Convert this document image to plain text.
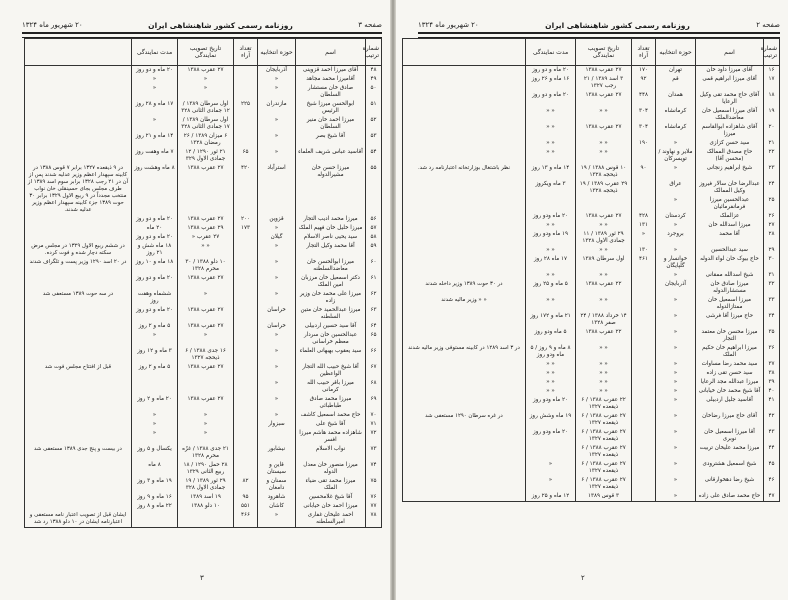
صفحه ۳
روزنامه رسمی کشور شاهنشاهی ایران
۲۰ شهریور ماه ۱۳۲۴
شماره ترتیب	اسم	حوزه انتخابیه	تعداد آراء	تاریخ تصویب نمایندگی	مدت نمایندگی	
۴۸	آقای میرزا احمد قزوینی	آذربایجان		۲۷ عقرب ۱۳۸۸	۲۰ ماه و دو روز	
۴۹	آقامیرزا محمد مجاهد	«		«	«	
۵۰	صادق خان مستشار السلطان	«		«	«	
۵۱	ابوالحسن میرزا شیخ الرئیس	مازندران	۲۲۵	اول سرطان ۱۳۸۹ / ۱۲ جمادی الثانی ۳۲۸	۱۷ ماه و ۲۸ روز	
۵۲	میرزا احمد خان منیر السلطان	«		اول سرطان ۱۳۸۹ / ۱۷ جمادی الثانی ۳۲۸	«	
۵۳	آقا شیخ بصر	«		۶ میزان ۱۳۸۹ / ۲۶ رمضان ۱۳۲۸	۱۴ ماه و ۲۱ روز	
۵۴	آقاسید عباس شریف العلماء	«	۶۵	۲۱ ثور ۱۲۹۰ / ۱۲ جمادی الاول ۳۲۹	۷ ماه وهفت روز	
۵۵	میرزا حسن خان مشیرالدوله	استرآباد	۴۲۰	۲۷ عقرب ۱۳۸۸	۸ ماه وهشت روز	در ۹ ذیقعده ۱۳۲۷ برابر ۷ قوس ۱۳۸۸ در کابینه سپهدار اعظم وزیر عدلیه شدند پس از آن در ۲۱ رجب ۱۳۲۸ برابر سوم اسد ۱۳۸۹ از طرف مجلس بجای حسینقلی خان نواب منتخب مجدداً در ۹ ربیع الاول ۱۳۲۹ برابر ۳۰ حوت ۱۳۸۹ جزء کابینه سپهدار اعظم وزیر عدلیه شدند.
۵۶	میرزا محمد ادیب التجار	قزوین	۲۰۰	۲۷ عقرب ۱۳۸۸	۲۰ ماه و دو روز	
۵۷	میرزا خلیل خان فهیم الملک	«	۱۷۳	۲۹ عقرب ۱۳۸۸	۲۰ ماه	
۵۸	سید یحیی ناصر الاسلام	گیلان		۲۷ عقرب «	۲۰ ماه و دو روز	
۵۹	آقا محمد وکیل التجار	«		« «	۱۸ ماه شش و ۲۱ روز	در ششم ربیع الاول ۱۳۲۹ در مجلس مرض سکته دچار شده و فوت کرده.
۶۰	میرزا ابوالحسن خان معاضدالسلطنه	«		۱۰ دلو ۱۳۸۸ / ۳۰ محرم ۱۳۲۸	۱۸ ماه و ۱۰ روز	در ۲۰ اسد ۱۲۹۰ وزیر پست و تلگراف شدند
۶۱	دکتر اسمعیل خان مرزبان امین الملک	«		۲۷ عقرب ۱۳۸۸	۲۰ ماه و دو روز	
۶۲	میرزا علی محمد خان وزیر زاده	«		«	ششماه وهفت روز	در سه حوت ۱۳۸۹ مستعفی شد
۶۳	میرزا عبدالحمید خان متین السلطنه	خراسان		۲۷ عقرب ۱۳۸۸	۲۰ ماه و دو روز	
۶۴	آقا سید حسین اردبیلی	خراسان		۲۷ عقرب ۱۳۸۸	۵ ماه و ۲ روز	
۶۵	عبدالحسین خان سردار معظم خراسانی	«		«	«	
۶۶	سید یعقوب بهبهانی العلماء	«		۱۶ جدی ۱۳۸۸ / ۶ ذیحجه ۱۳۲۷	۳ ماه و ۱۲ روز	
۶۷	آقا شیخ حبیب الله التجار الواعظین	«		۲۷ عقرب ۱۳۸۸	۵ ماه و ۲ روز	قبل از افتتاح مجلس فوت شد
۶۸	میرزا باقر حبیب الله کرمانی	«				
۶۹	میرزا محمد صادق طباطبائی	«		۲۷ عقرب ۱۳۸۸	۲۰ ماه و ۲ روز	
۷۰	حاج محمد اسمعیل کاشف	«		«	«	
۷۱	آقا شیخ علی	سبزوار		«	«	
۷۲	شاهزاده محمد هاشم میرزا افسر			«	«	
۷۳	نواب الاسلام	نیشابور		۲۱ جدی ۱۳۸۸ / غرّه محرم ۱۳۲۸	یکسال و ۵ روز	در بیست و پنج جدی ۱۳۸۹ مستعفی شد
۷۴	میرزا منصور خان معدل الدوله	قاین و سیستان		۲۸ حمل ۱۲۹۰ / ۱۸ ربیع الثانی ۱۳۲۹	۸ ماه	
۷۵	میرزا محمد تقی ضیاء الملک	سمنان و دامغان	۸۲	۲۹ ثور ۱۳۸۹ / ۱۹ جمادی الاول ۳۲۸	۱۹ ماه و ۳ روز	
۷۶	آقا شیخ غلامحسین	شاهرود	۹۵	۱۹ اسد ۱۳۸۹	۱۶ ماه و ۹ روز	
۷۷	میرزا احمد خان خیابانی	کاشان	۵۵۱	۱۰ دلو ۱۳۸۸	۲۲ ماه و ۸ روز	
۷۸	احمد علیخان غفاری امیرالسلطنه	«	۴۶۶			ایشان قبل از تصویب اعتبار نامه مستعفی و اعتبارنامه ایشان در ۱۰ دلو ۱۳۸۸ رد شد
۳
صفحه ۲
روزنامه رسمی کشور شاهنشاهی ایران
۲۰ شهریور ماه ۱۳۲۴
شماره ترتیب	اسم	حوزه انتخابیه	تعداد آراء	تاریخ تصویب نمایندگی	مدت نمایندگی	
۱۶	آقای میرزا داود خان	تهران	۱۷۰	۲۷ عقرب ۱۳۸۸	۲۰ ماه و دو روز	
۱۷	آقای میرزا ابراهیم قمی	قم	۹۲	۳ اسد ۱۳۸۹ / ۲۱ رجب ۱۳۲۷	۱۶ ماه و ۲۶ روز	
۱۸	آقای حاج محمد تقی وکیل الرعایا	همدان	۴۴۸	۲۷ عقرب ۱۳۸۸	۲۰ ماه و دو روز	
۱۹	آقای میرزا اسمعیل خان معاضدالملک	کرمانشاه	۳۰۴	« «	« «	
۲۰	آقای شاهزاده ابوالقاسم میرزا	کرمانشاه	۳۰۴	۲۷ عقرب ۱۳۸۸	« «	
۲۱	سید حسن کزازی	«	۱۹۰	« «	« «	
۲۲	حاج مصدق الممالک (محسن آقا)	ملایر و نهاوند / تویسرکان		« «	« «	
۲۳	شیخ ابراهیم زنجانی	«	۹۰	۱۰ قوس ۱۳۸۸ / ۱۹ ذیحجه ۱۳۲۸	۱۴ ماه و ۱۳ روز	نظر باشتغال بوزارتخانه اعتبارنامه رد شد.
۲۴	عبدالرضا خان سالار فیروز وکیل الممالک	عراق		۲۹ عقرب ۱۳۸۹ / ۱۹ ذیحجه ۱۳۲۸	۳ ماه ویکروز	
۲۵	عبدالحسین میرزا فرمانفرمائیان	«				
۲۶	عزالملک	کردستان	۴۲۸	۲۷ عقرب ۱۳۸۸	۲۰ ماه ودو روز	
۲۷	میرزا اسدالله خان	«	۱۳۱	« «	« «	
۲۸	آقا محمد	بروجرد	«	۲۹ ثور ۱۳۸۹ / ۱۱ جمادی الاول ۱۳۲۸	۱۹ ماه ودو روز	
۲۹	سید عبدالحسین	«	۱۳۰	« «	« «	
۳۰	حاج بیوک خان لواء الدوله	خوانسار و گلپایگان	۴۶۱	اول سرطان ۱۳۸۹	۱۷ ماه ۲۸ روز	
۳۱	شیخ اسدالله ممقانی	«		« «	« «	
۳۲	میرزا صادق خان مستشارالدوله	آذربایجان		۲۲ عقرب ۱۳۸۸	۵ ماه و ۲۵ روز	در ۳۰ حوت ۱۳۸۹ وزیر داخله شدند
۳۳	میرزا اسمعیل خان ممتازالدوله	«		« «	« «	« « وزیر مالیه شدند
۳۴	حاج میرزا آقا فرشی	«		۱۴ خرداد ۱۳۸۸ / ۲۴ صفر ۱۳۲۸	۲۱ ماه و ۱۷۲ روز	
۳۵	میرزا محسن خان معتمد التجار	«		۲۲ عقرب ۱۳۸۸	۵ ماه ودو روز	
۳۶	میرزا ابراهیم خان حکیم الملک	«		« «	۸ ماه و ۹ روز / ۵ ماه ودو روز	در ۳ اسد ۱۲۸۹ در کابینه مستوفی وزیر مالیه شدند
۳۷	سید محمد رضا مساوات	«		« «	« «	
۳۸	سید حسن تقی زاده	«		« «	« «	
۳۹	میرزا عبدالله مجد الرعایا	«		« «	« «	
۴۰	آقا شیخ محمد خان خیابانی	«		« «	« «	
۴۱	آقاسید جلیل اردبیلی	«		۲۲ عقرب ۱۳۸۸ / ۶ ذیقعده ۱۳۲۷	۲۰ ماه ودو روز	
۴۲	آقای حاج میرزا رضاخان	«		۲۷ عقرب ۱۳۸۸ / ۶ ذیقعده ۱۳۲۷	۱۹ ماه وشش روز	در غره سرطان ۱۲۹۰ مستعفی شد
۴۳	آقا میرزا اسمعیل خان نوبری	«		۲۷ عقرب ۱۳۸۸ / ۶ ذیقعده ۱۳۲۷	۲۰ ماه ودو روز	
۴۴	میرزا محمد علیخان تربیت	«		۲۷ عقرب ۱۳۸۸ / ۶ ذیقعده ۱۳۲۷		
۴۵	شیخ اسمعیل هشترودی	«		۲۷ عقرب ۱۳۸۸ / ۶ ذیقعده ۱۳۲۷	«	
۴۶	شیخ رضا دهخوارقانی	«		۲۷ عقرب ۱۳۸۸ / ۶ ذیقعده ۱۳۲۷	«	
۴۷	حاج محمد صادق علی زاده	«		۳ قوس ۱۳۸۹	۱۲ ماه و ۲۵ روز	
۲
